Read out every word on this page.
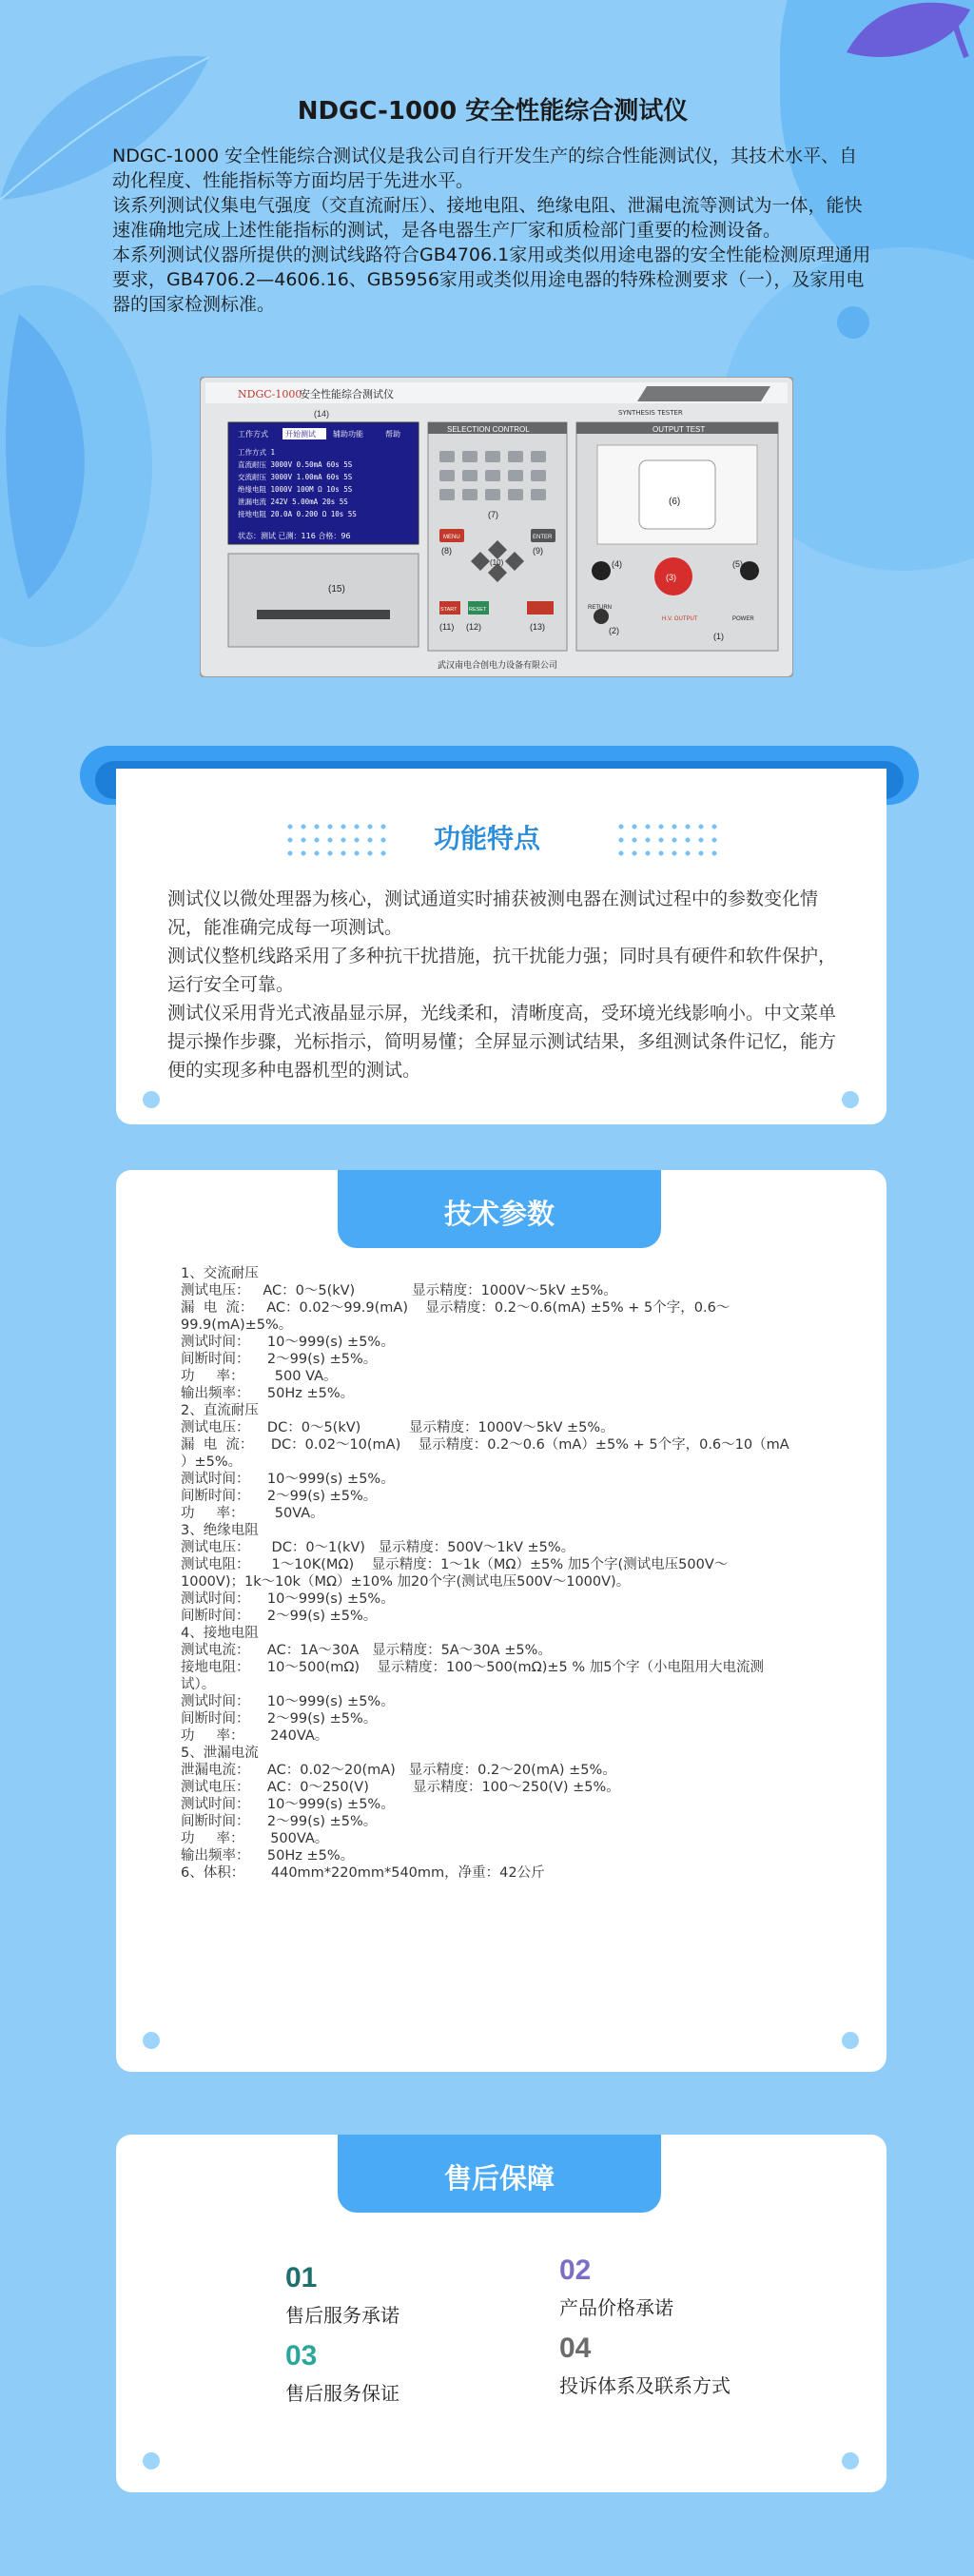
NDGC-1000 安全性能综合测试仪

NDGC-1000 安全性能综合测试仪是我公司自行开发生产的综合性能测试仪，其技术水平、自动化程度、性能指标等方面均居于先进水平。
该系列测试仪集电气强度（交直流耐压）、接地电阻、绝缘电阻、泄漏电流等测试为一体，能快速准确地完成上述性能指标的测试，是各电器生产厂家和质检部门重要的检测设备。
本系列测试仪器所提供的测试线路符合GB4706.1家用或类似用途电器的安全性能检测原理通用要求，GB4706.2—4606.16、GB5956家用或类似用途电器的特殊检测要求（一），及家用电器的国家检测标准。

NDGC-1000
安全性能综合测试仪
SYNTHESIS TESTER
(14)
工作方式 开始测试 辅助功能	帮助
工作方式 1
直流耐压 3000V 0.50mA 60s 5S
交流耐压 3000V 1.00mA 60s 5S
绝缘电阻 1000V 100M Ω 10s 5S
泄漏电流 242V 5.00mA 20s 5S
接地电阻 20.0A 0.200 Ω 10s 5S
状态：测试 已测：116 合格：96
(15)
SELECTION CONTROL
(7)
MENU	ENTER
(8)	(9)
(10)
START RESET
(11) (12)	(13)
OUTPUT TEST
(6)
(4)	(5)
(3)
RETURN
(2)
H.V. OUTPUT	POWER
(1)
武汉南电合创电力设备有限公司
功能特点

测试仪以微处理器为核心，测试通道实时捕获被测电器在测试过程中的参数变化情况，能准确完成每一项测试。

测试仪整机线路采用了多种抗干扰措施，抗干扰能力强；同时具有硬件和软件保护，运行安全可靠。

测试仪采用背光式液晶显示屏，光线柔和，清晰度高，受环境光线影响小。中文菜单提示操作步骤，光标指示，简明易懂；全屏显示测试结果，多组测试条件记忆，能方便的实现多种电器机型的测试。

技术参数
1、交流耐压
测试电压：   AC：0～5(kV)             显示精度：1000V～5kV ±5%。
漏  电  流：   AC：0.02～99.9(mA)    显示精度：0.2～0.6(mA) ±5% + 5个字，0.6～
99.9(mA)±5%。
测试时间：    10～999(s) ±5%。
间断时间：    2～99(s) ±5%。
功     率：       500 VA。
输出频率：    50Hz ±5%。
2、直流耐压
测试电压：    DC：0～5(kV)           显示精度：1000V～5kV ±5%。
漏  电  流：    DC：0.02～10(mA)    显示精度：0.2～0.6（mA）±5% + 5个字，0.6～10（mA
）±5%。
测试时间：    10～999(s) ±5%。
间断时间：    2～99(s) ±5%。
功     率：       50VA。
3、绝缘电阻
测试电压：     DC：0～1(kV)   显示精度：500V～1kV ±5%。
测试电阻：     1～10K(MΩ)    显示精度：1～1k（MΩ）±5% 加5个字(测试电压500V～
1000V)；1k～10k（MΩ）±10% 加20个字(测试电压500V～1000V)。
测试时间：    10～999(s) ±5%。
间断时间：    2～99(s) ±5%。
4、接地电阻
测试电流：    AC：1A～30A   显示精度：5A～30A ±5%。
接地电阻：    10～500(mΩ)    显示精度：100～500(mΩ)±5 % 加5个字（小电阻用大电流测
试）。
测试时间：    10～999(s) ±5%。
间断时间：    2～99(s) ±5%。
功     率：      240VA。
5、泄漏电流
泄漏电流：    AC：0.02～20(mA)   显示精度：0.2～20(mA) ±5%。
测试电压：    AC：0～250(V)          显示精度：100～250(V) ±5%。
测试时间：    10～999(s) ±5%。
间断时间：    2～99(s) ±5%。
功     率：      500VA。
输出频率：    50Hz ±5%。
6、体积：      440mm*220mm*540mm，净重：42公斤
售后保障
01
售后服务承诺
02
产品价格承诺
03
售后服务保证
04
投诉体系及联系方式
